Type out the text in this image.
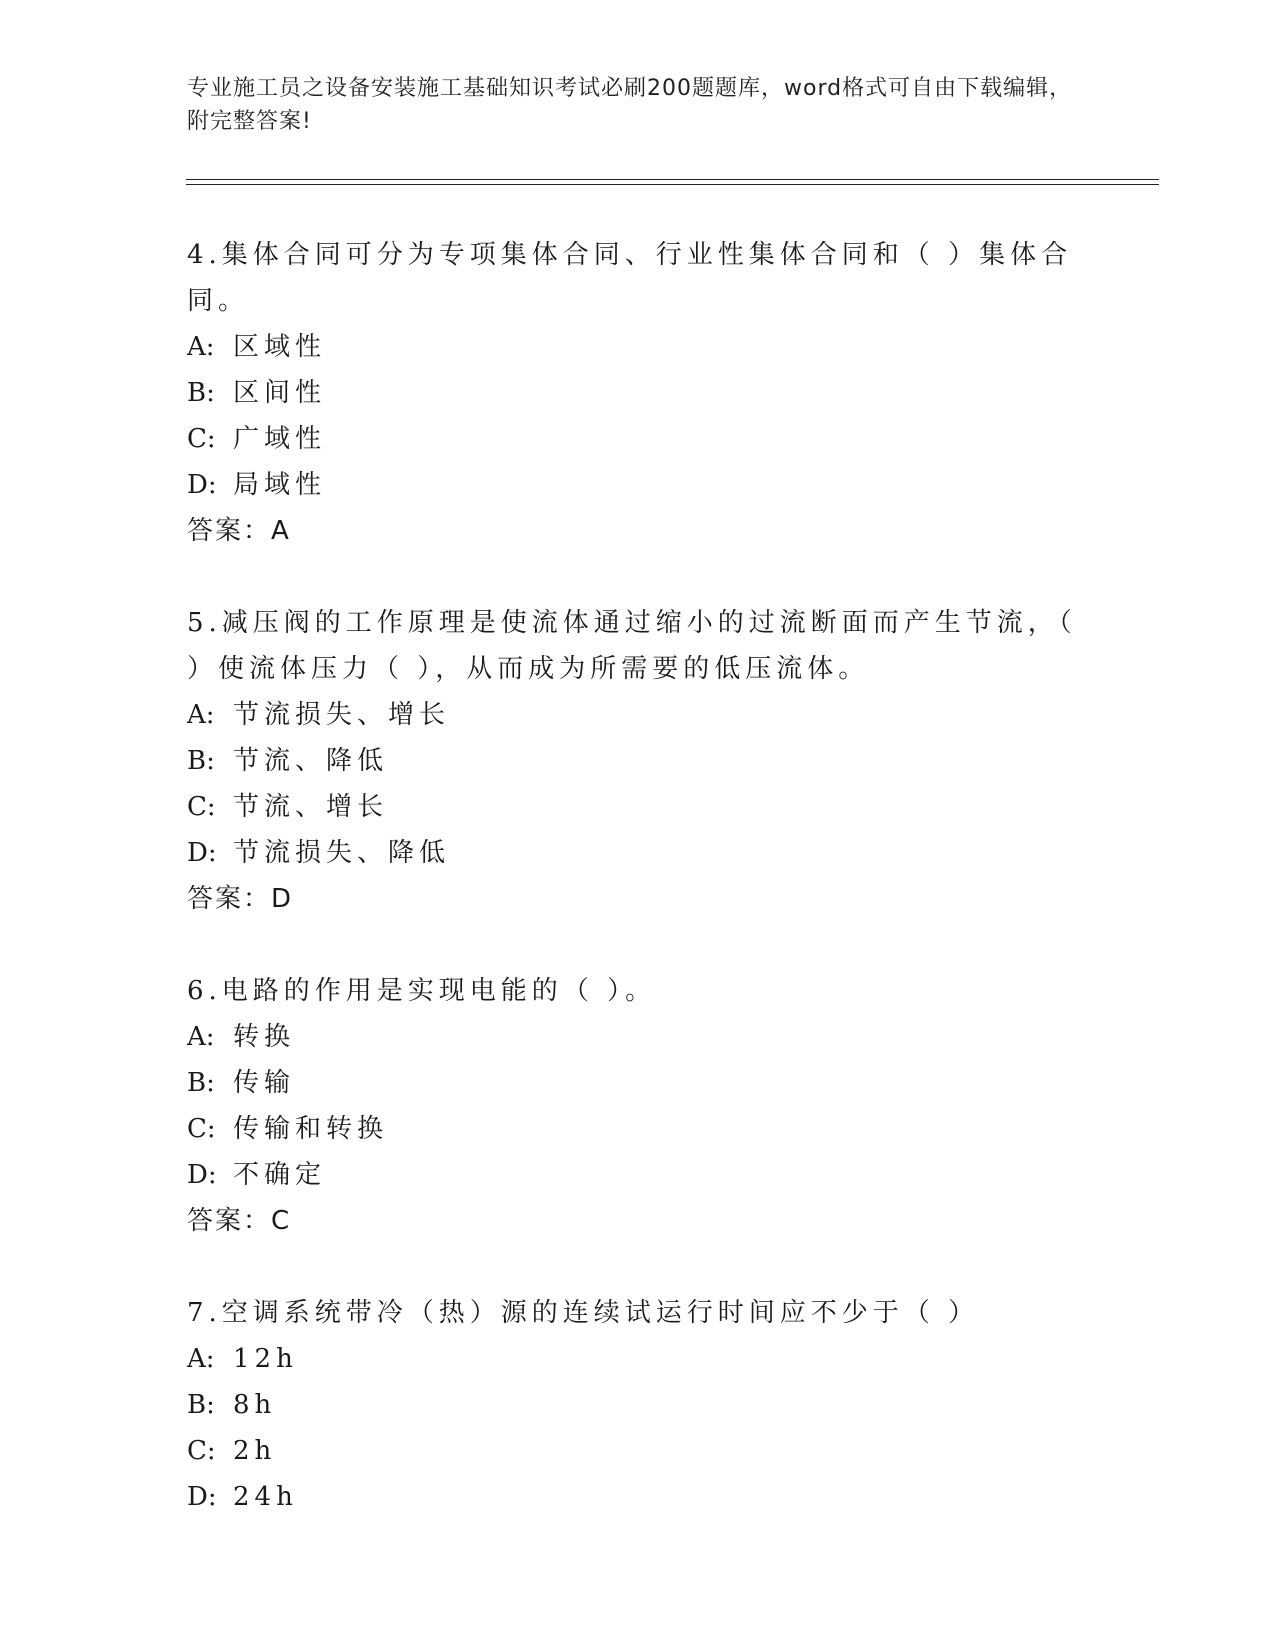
专业施工员之设备安装施工基础知识考试必刷200题题库，word格式可自由下载编辑，附完整答案!

4.集体合同可分为专项集体合同、行业性集体合同和（ ）集体合同。

A: 区域性
B: 区间性
C: 广域性
D: 局域性
答案：A

5.减压阀的工作原理是使流体通过缩小的过流断面而产生节流，（ ）使流体压力（ ），从而成为所需要的低压流体。

A: 节流损失、增长
B: 节流、降低
C: 节流、增长
D: 节流损失、降低
答案：D

6.电路的作用是实现电能的（ ）。

A: 转换
B: 传输
C: 传输和转换
D: 不确定
答案：C

7.空调系统带冷（热）源的连续试运行时间应不少于（ ）

A: 12h
B: 8h
C: 2h
D: 24h
